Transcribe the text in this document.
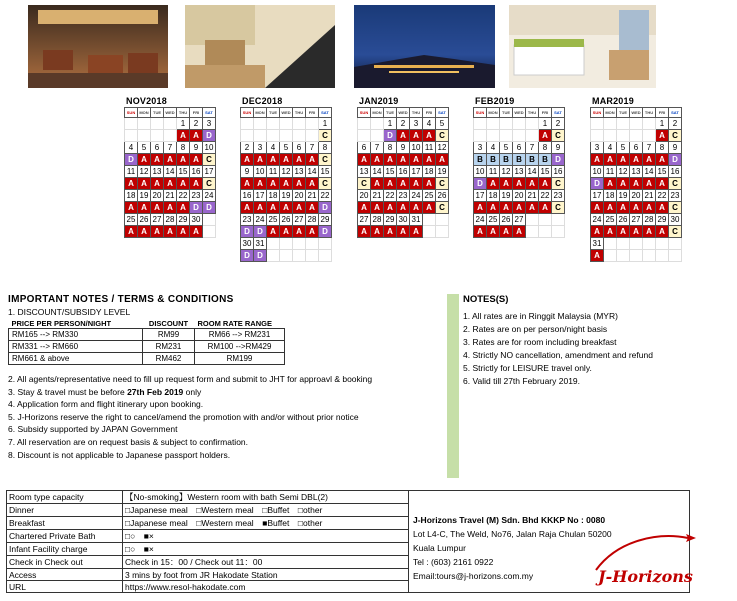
NOV2018
SUN	MON	TUE	WED	THU	FRI	SAT
				1	2	3
				A	A	D
4	5	6	7	8	9	10
D	A	A	A	A	A	C
11	12	13	14	15	16	17
A	A	A	A	A	A	C
18	19	20	21	22	23	24
A	A	A	A	A	D	D
25	26	27	28	29	30	
A	A	A	A	A	A	
DEC2018
SUN	MON	TUE	WED	THU	FRI	SAT
						1
						C
2	3	4	5	6	7	8
A	A	A	A	A	A	C
9	10	11	12	13	14	15
A	A	A	A	A	A	C
16	17	18	19	20	21	22
A	A	A	A	A	A	D
23	24	25	26	27	28	29
D	D	A	A	A	A	D
30	31					
D	D					
JAN2019
SUN	MON	TUE	WED	THU	FRI	SAT
		1	2	3	4	5
		D	A	A	A	C
6	7	8	9	10	11	12
A	A	A	A	A	A	A
13	14	15	16	17	18	19
C	A	A	A	A	A	C
20	21	22	23	24	25	26
A	A	A	A	A	A	C
27	28	29	30	31		
A	A	A	A	A		
FEB2019
SUN	MON	TUE	WED	THU	FRI	SAT
					1	2
					A	C
3	4	5	6	7	8	9
B	B	B	B	B	B	D
10	11	12	13	14	15	16
D	A	A	A	A	A	C
17	18	19	20	21	22	23
A	A	A	A	A	A	C
24	25	26	27			
A	A	A	A			
MAR2019
SUN	MON	TUE	WED	THU	FRI	SAT
					1	2
					A	C
3	4	5	6	7	8	9
A	A	A	A	A	A	D
10	11	12	13	14	15	16
D	A	A	A	A	A	C
17	18	19	20	21	22	23
A	A	A	A	A	A	C
24	25	26	27	28	29	30
A	A	A	A	A	A	C
31						
A						
IMPORTANT NOTES / TERMS & CONDITIONS
1. DISCOUNT/SUBSIDY LEVEL
PRICE PER PERSON/NIGHT	DISCOUNT	ROOM RATE RANGE
RM165 --> RM330	RM99	RM66 --> RM231
RM331 --> RM660	RM231	RM100 -->RM429
RM661 & above	RM462	RM199
2. All agents/representative need to fill up request form and submit to JHT for approavl & booking
3. Stay & travel must be before 27th Feb 2019 only
4. Application form and flight itinerary upon booking.
5. J-Horizons reserve the right to cancel/amend the promotion with and/or without prior notice
6. Subsidy supported by JAPAN Government
7. All reservation are on request basis & subject to confirmation.
8. Discount is not applicable to Japanese passport holders.
NOTES(S)
1. All rates are in Ringgit Malaysia (MYR)
2. Rates are on per person/night basis
3. Rates are for room including breakfast
4. Strictly NO cancellation, amendment and refund
5. Strictly for LEISURE travel only.
6. Valid till 27th February 2019.
Room type capacity	【No-smoking】Western room with bath Semi DBL(2)	J-Horizons Travel (M) Sdn. Bhd KKKP No : 0080
Lot L4-C, The Weld, No76, Jalan Raja Chulan 50200
Kuala Lumpur
Tel : (603) 2161 0922
Email:tours@j-horizons.com.my

Dinner	□Japanese meal　□Western meal　□Buffet　□other	
Breakfast	□Japanese meal　□Western meal　■Buffet　□other	
Chartered Private Bath	□○　■×	
Infant Facility charge	□○　■×	
Check in Check out	Check in 15：00 / Check out 11：00	
Access	3 mins by foot from JR Hakodate Station	
URL	https://www.resol-hakodate.com	
J-Horizons
